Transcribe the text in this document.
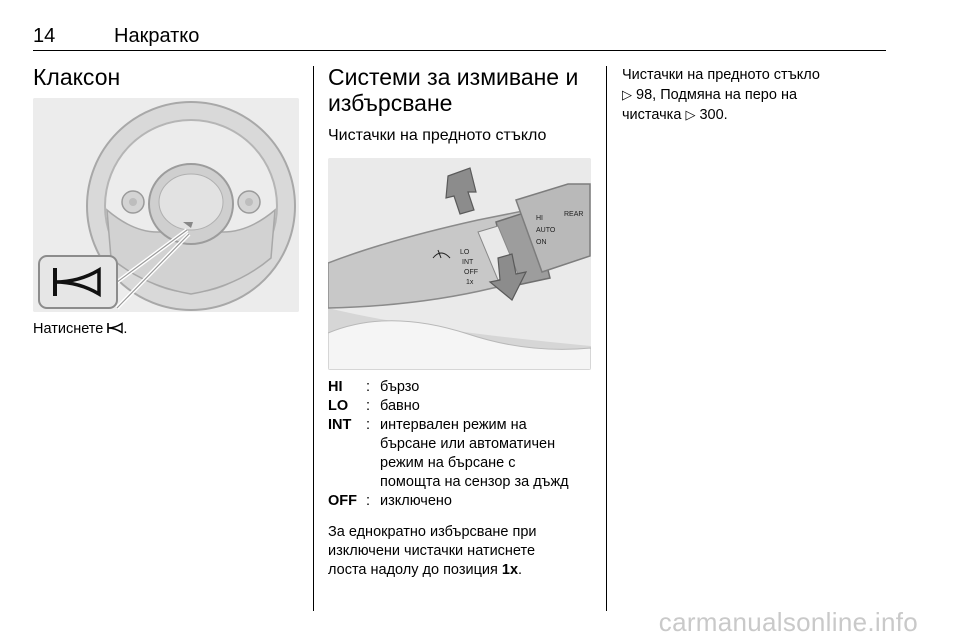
14	Накратко
Клаксон

Натиснете .

Системи за измиване и
избърсване
Чистачки на предното стъкло
LO
INT
OFF
1x
HI
AUTO
ON
REAR
HI	: бързо
LO	: бавно
INT	: интервален режим на
бърсане или автоматичен
режим на бърсане с
помощта на сензор за дъжд
OFF : изключено

За еднократно избърсване при
изключени чистачки натиснете
лоста надолу до позиция 1x.

Чистачки на предното стъкло
▷ 98, Подмяна на перо на
чистачка ▷ 300.

carmanualsonline.info
